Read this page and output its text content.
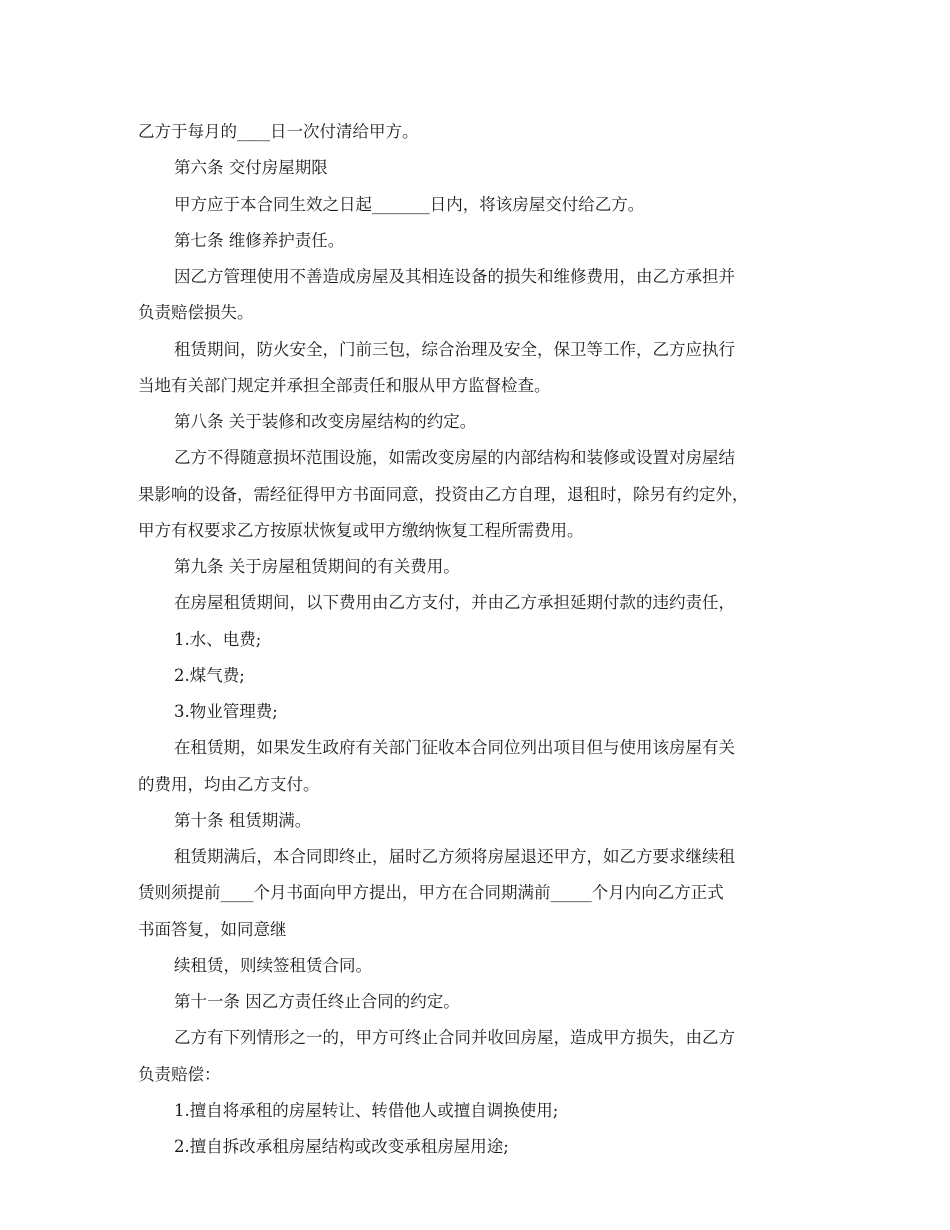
乙方于每月的____日一次付清给甲方。
第六条 交付房屋期限
甲方应于本合同生效之日起_______日内，将该房屋交付给乙方。
第七条 维修养护责任。
因乙方管理使用不善造成房屋及其相连设备的损失和维修费用，由乙方承担并
负责赔偿损失。
租赁期间，防火安全，门前三包，综合治理及安全，保卫等工作，乙方应执行
当地有关部门规定并承担全部责任和服从甲方监督检查。
第八条 关于装修和改变房屋结构的约定。
乙方不得随意损坏范围设施，如需改变房屋的内部结构和装修或设置对房屋结
果影响的设备，需经征得甲方书面同意，投资由乙方自理，退租时，除另有约定外，
甲方有权要求乙方按原状恢复或甲方缴纳恢复工程所需费用。
第九条 关于房屋租赁期间的有关费用。
在房屋租赁期间，以下费用由乙方支付，并由乙方承担延期付款的违约责任，
1.水、电费;
2.煤气费;
3.物业管理费;
在租赁期，如果发生政府有关部门征收本合同位列出项目但与使用该房屋有关
的费用，均由乙方支付。
第十条 租赁期满。
租赁期满后，本合同即终止，届时乙方须将房屋退还甲方，如乙方要求继续租
赁则须提前____个月书面向甲方提出，甲方在合同期满前_____个月内向乙方正式
书面答复，如同意继
续租赁，则续签租赁合同。
第十一条 因乙方责任终止合同的约定。
乙方有下列情形之一的，甲方可终止合同并收回房屋，造成甲方损失，由乙方
负责赔偿：
1.擅自将承租的房屋转让、转借他人或擅自调换使用;
2.擅自拆改承租房屋结构或改变承租房屋用途;
